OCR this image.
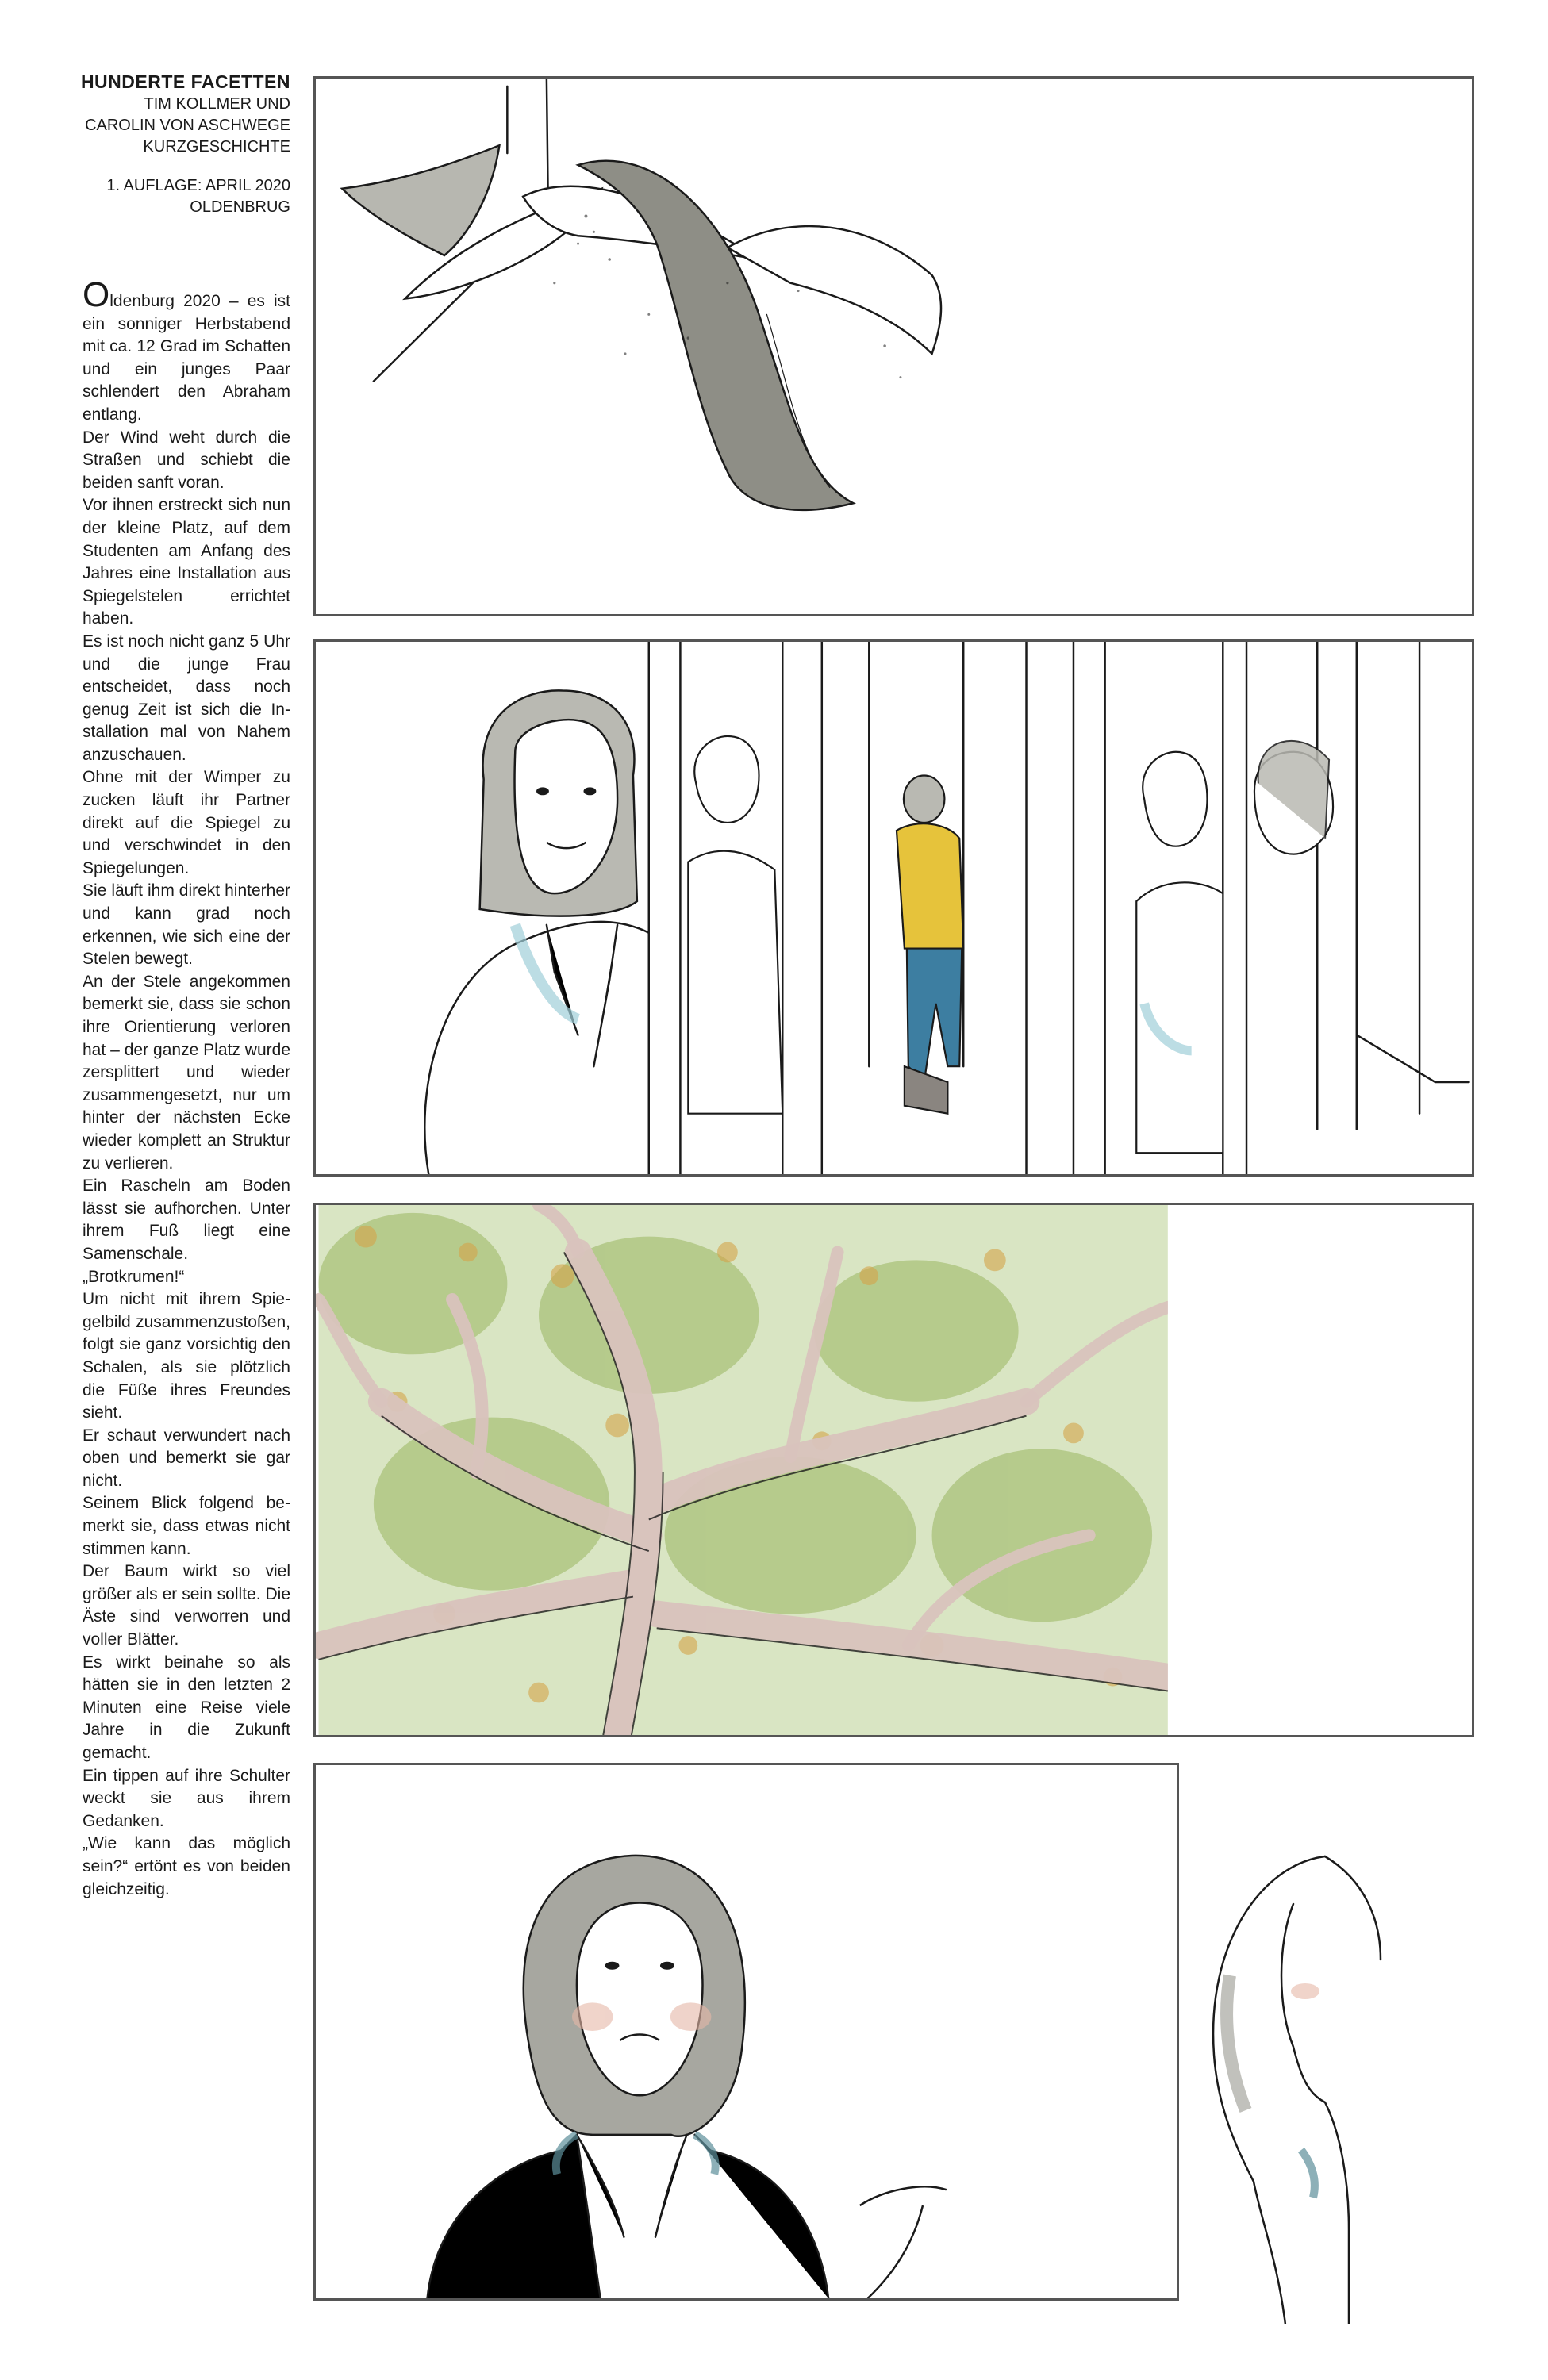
HUNDERTE FACETTEN
TIM KOLLMER UND
CAROLIN VON ASCHWEGE
KURZGESCHICHTE
1. AUFLAGE: APRIL 2020
OLDENBRUG

Oldenburg 2020 – es ist ein sonniger Herbstabend mit ca. 12 Grad im Schatten und ein junges Paar schlendert den Abraham entlang.

Der Wind weht durch die Straßen und schiebt die beiden sanft voran.

Vor ihnen erstreckt sich nun der kleine Platz, auf dem Studenten am Anfang des Jahres eine Installation aus Spiegelstelen errichtet haben.

Es ist noch nicht ganz 5 Uhr und die junge Frau entscheidet, dass noch genug Zeit ist sich die Installation mal von Nahem anzuschauen.

Ohne mit der Wimper zu zucken läuft ihr Partner direkt auf die Spiegel zu und verschwindet in den Spiegelungen.

Sie läuft ihm direkt hinterher und kann grad noch erkennen, wie sich eine der Stelen bewegt.

An der Stele angekommen bemerkt sie, dass sie schon ihre Orientierung verloren hat – der ganze Platz wurde zersplittert und wieder zusammengesetzt, nur um hinter der nächsten Ecke wieder komplett an Struktur zu verlieren.

Ein Rascheln am Boden lässt sie aufhorchen. Unter ihrem Fuß liegt eine Samenschale.

„Brotkrumen!“

Um nicht mit ihrem Spiegelbild zusammenzustoßen, folgt sie ganz vorsichtig den Schalen, als sie plötzlich die Füße ihres Freundes sieht.

Er schaut verwundert nach oben und bemerkt sie gar nicht.

Seinem Blick folgend bemerkt sie, dass etwas nicht stimmen kann.

Der Baum wirkt so viel größer als er sein sollte. Die Äste sind verworren und voller Blätter.

Es wirkt beinahe so als hätten sie in den letzten 2 Minuten eine Reise viele Jahre in die Zukunft gemacht.

Ein tippen auf ihre Schulter weckt sie aus ihrem Gedanken.

„Wie kann das möglich sein?“ ertönt es von beiden gleichzeitig.
